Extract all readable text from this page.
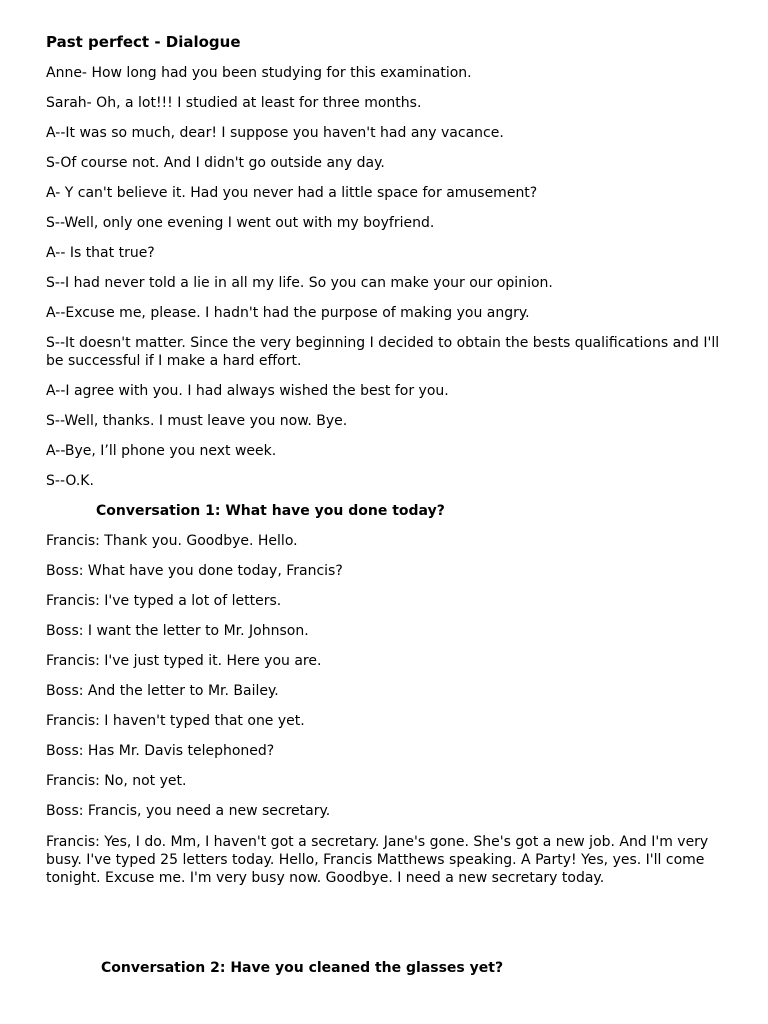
Past perfect - Dialogue
Anne- How long had you been studying for this examination.
Sarah- Oh, a lot!!! I studied at least for three months.
A--It was so much, dear! I suppose you haven't had any vacance.
S-Of course not. And I didn't go outside any day.
A- Y can't believe it. Had you never had a little space for amusement?
S--Well, only one evening I went out with my boyfriend.
A-- Is that true?
S--I had never told a lie in all my life. So you can make your our opinion.
A--Excuse me, please. I hadn't had the purpose of making you angry.
S--It doesn't matter. Since the very beginning I decided to obtain the bests qualifications and I'll be successful if I make a hard effort.
A--I agree with you. I had always wished the best for you.
S--Well, thanks. I must leave you now. Bye.
A--Bye, I’ll phone you next week.
S--O.K.
Conversation 1: What have you done today?
Francis: Thank you. Goodbye. Hello.
Boss: What have you done today, Francis?
Francis: I've typed a lot of letters.
Boss: I want the letter to Mr. Johnson.
Francis: I've just typed it. Here you are.
Boss: And the letter to Mr. Bailey.
Francis: I haven't typed that one yet.
Boss: Has Mr. Davis telephoned?
Francis: No, not yet.
Boss: Francis, you need a new secretary.
Francis: Yes, I do. Mm, I haven't got a secretary. Jane's gone. She's got a new job. And I'm very busy. I've typed 25 letters today. Hello, Francis Matthews speaking. A Party! Yes, yes. I'll come tonight. Excuse me. I'm very busy now. Goodbye. I need a new secretary today.
Conversation 2: Have you cleaned the glasses yet?
